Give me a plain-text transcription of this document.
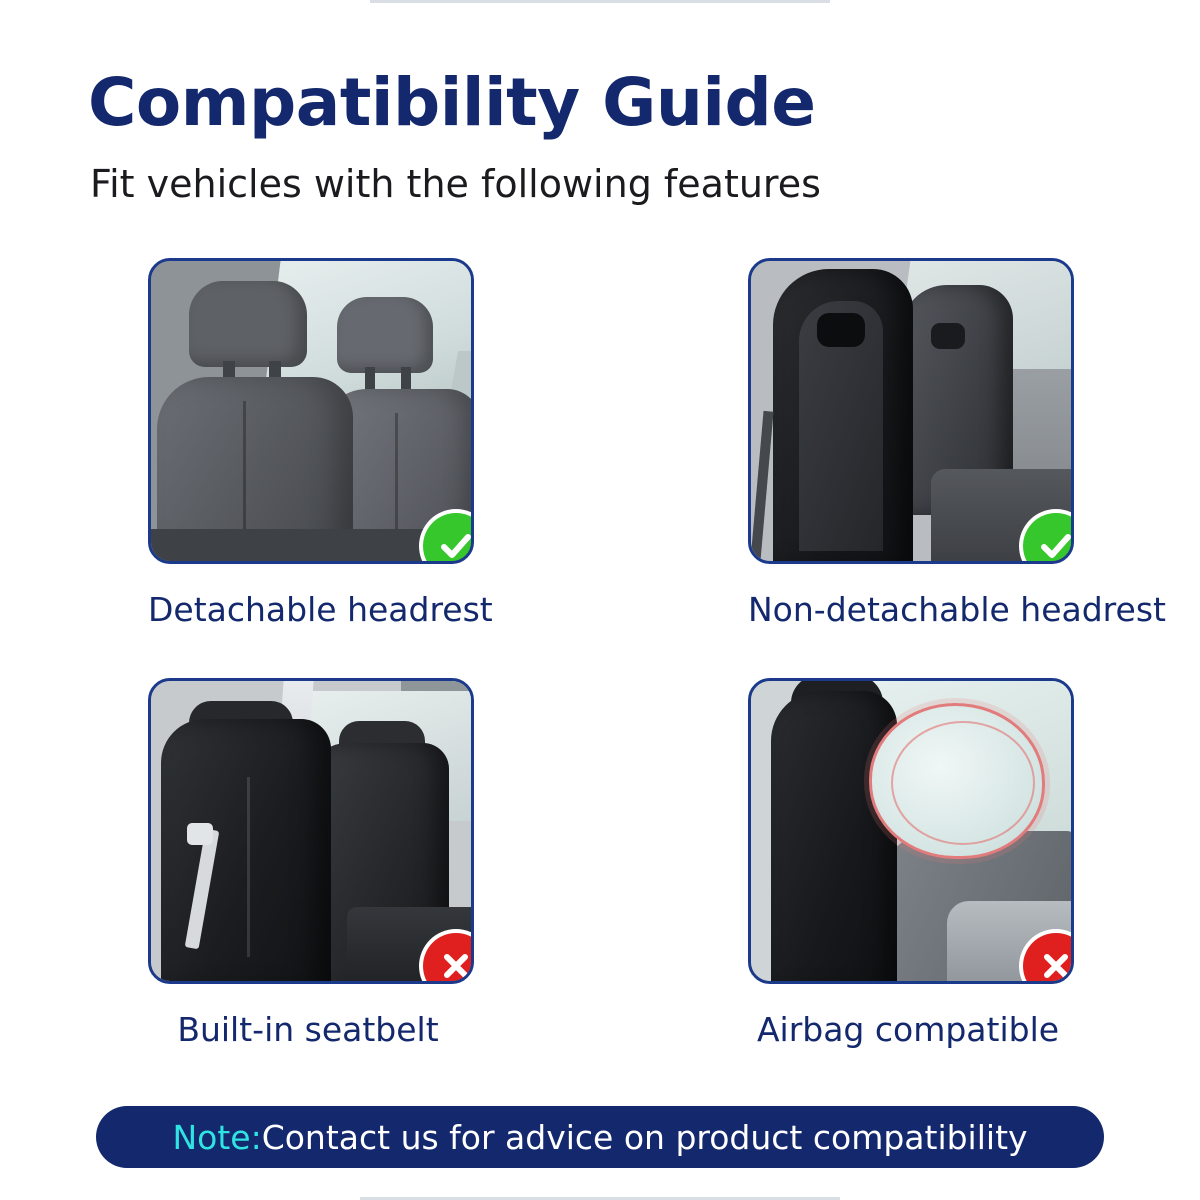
Compatibility Guide
Fit vehicles with the following features
Detachable headrest	Non-detachable headrest
Built-in seatbelt	Airbag compatible
Note: Contact us for advice on product compatibility
